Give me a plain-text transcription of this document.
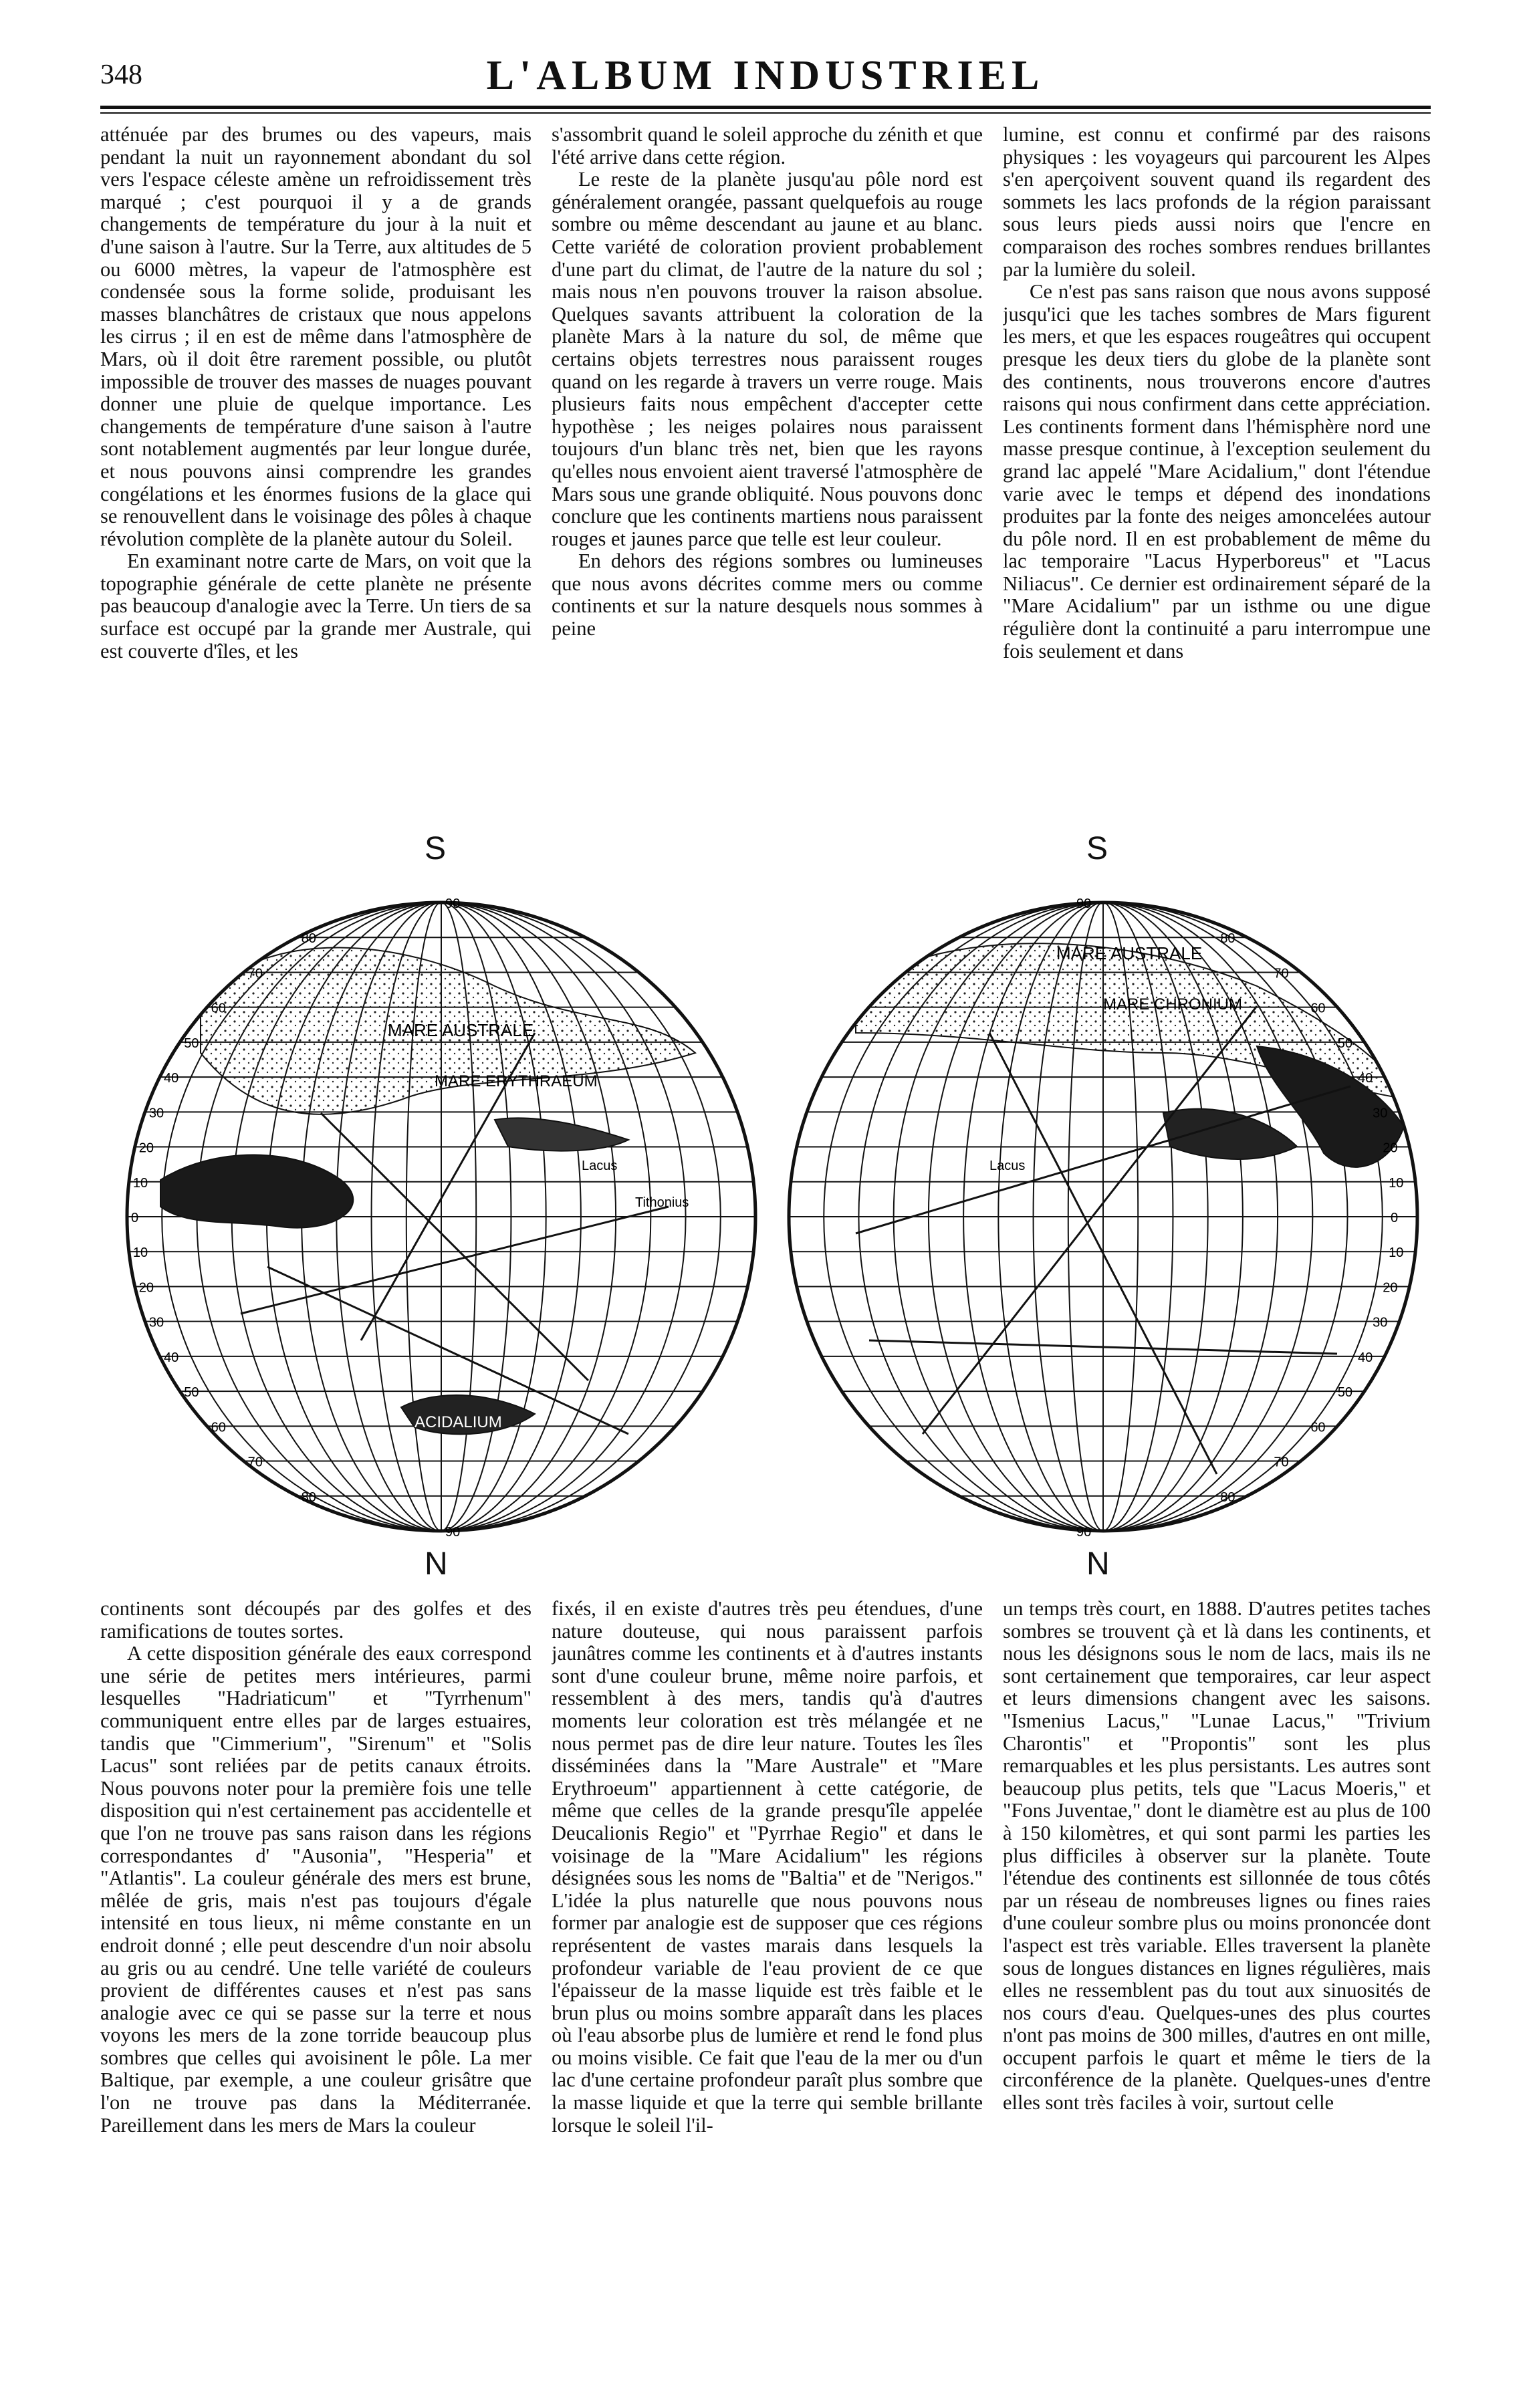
348	L'ALBUM INDUSTRIEL

atténuée par des brumes ou des vapeurs, mais pendant la nuit un rayonnement abondant du sol vers l'espace céleste amène un refroidissement très marqué ; c'est pourquoi il y a de grands changements de température du jour à la nuit et d'une saison à l'autre. Sur la Terre, aux altitudes de 5 ou 6000 mètres, la vapeur de l'atmosphère est condensée sous la forme solide, produisant les masses blanchâtres de cristaux que nous appelons les cirrus ; il en est de même dans l'atmosphère de Mars, où il doit être rarement possible, ou plutôt impossible de trouver des masses de nuages pouvant donner une pluie de quelque importance. Les changements de température d'une saison à l'autre sont notablement augmentés par leur longue durée, et nous pouvons ainsi comprendre les grandes congélations et les énormes fusions de la glace qui se renouvellent dans le voisinage des pôles à chaque révolution complète de la planète autour du Soleil.

En examinant notre carte de Mars, on voit que la topographie générale de cette planète ne présente pas beaucoup d'analogie avec la Terre. Un tiers de sa surface est occupé par la grande mer Australe, qui est couverte d'îles, et les

s'assombrit quand le soleil approche du zénith et que l'été arrive dans cette région.

Le reste de la planète jusqu'au pôle nord est généralement orangée, passant quelquefois au rouge sombre ou même descendant au jaune et au blanc. Cette variété de coloration provient probablement d'une part du climat, de l'autre de la nature du sol ; mais nous n'en pouvons trouver la raison absolue. Quelques savants attribuent la coloration de la planète Mars à la nature du sol, de même que certains objets terrestres nous paraissent rouges quand on les regarde à travers un verre rouge. Mais plusieurs faits nous empêchent d'accepter cette hypothèse ; les neiges polaires nous paraissent toujours d'un blanc très net, bien que les rayons qu'elles nous envoient aient traversé l'atmosphère de Mars sous une grande obliquité. Nous pouvons donc conclure que les continents martiens nous paraissent rouges et jaunes parce que telle est leur couleur.

En dehors des régions sombres ou lumineuses que nous avons décrites comme mers ou comme continents et sur la nature desquels nous sommes à peine

lumine, est connu et confirmé par des raisons physiques : les voyageurs qui parcourent les Alpes s'en aperçoivent souvent quand ils regardent des sommets les lacs profonds de la région paraissant sous leurs pieds aussi noirs que l'encre en comparaison des roches sombres rendues brillantes par la lumière du soleil.

Ce n'est pas sans raison que nous avons supposé jusqu'ici que les taches sombres de Mars figurent les mers, et que les espaces rougeâtres qui occupent presque les deux tiers du globe de la planète sont des continents, nous trouverons encore d'autres raisons qui nous confirment dans cette appréciation. Les continents forment dans l'hémisphère nord une masse presque continue, à l'exception seulement du grand lac appelé "Mare Acidalium," dont l'étendue varie avec le temps et dépend des inondations produites par la fonte des neiges amoncelées autour du pôle nord. Il en est probablement de même du lac temporaire "Lacus Hyperboreus" et "Lacus Niliacus". Ce dernier est ordinairement séparé de la "Mare Acidalium" par un isthme ou une digue régulière dont la continuité a paru interrompue une fois seulement et dans

S
N
MARE AUSTRALE
MARE ERYTHRAEUM
ACIDALIUM
Lacus
Tithonius
S
N
MARE AUSTRALE
MARE CHRONIUM
Lacus
90
80
70
60
50
40
30
20
10
0
10
20
30
40
50
60
70
80
90
90
80
70
60
50
40
30
20
10
0
10
20
30
40
50
60
70
80
90

continents sont découpés par des golfes et des ramifications de toutes sortes.

A cette disposition générale des eaux correspond une série de petites mers intérieures, parmi lesquelles "Hadriaticum" et "Tyrrhenum" communiquent entre elles par de larges estuaires, tandis que "Cimmerium", "Sirenum" et "Solis Lacus" sont reliées par de petits canaux étroits. Nous pouvons noter pour la première fois une telle disposition qui n'est certainement pas accidentelle et que l'on ne trouve pas sans raison dans les régions correspondantes d' "Ausonia", "Hesperia" et "Atlantis". La couleur générale des mers est brune, mêlée de gris, mais n'est pas toujours d'égale intensité en tous lieux, ni même constante en un endroit donné ; elle peut descendre d'un noir absolu au gris ou au cendré. Une telle variété de couleurs provient de différentes causes et n'est pas sans analogie avec ce qui se passe sur la terre et nous voyons les mers de la zone torride beaucoup plus sombres que celles qui avoisinent le pôle. La mer Baltique, par exemple, a une couleur grisâtre que l'on ne trouve pas dans la Méditerranée. Pareillement dans les mers de Mars la couleur

fixés, il en existe d'autres très peu étendues, d'une nature douteuse, qui nous paraissent parfois jaunâtres comme les continents et à d'autres instants sont d'une couleur brune, même noire parfois, et ressemblent à des mers, tandis qu'à d'autres moments leur coloration est très mélangée et ne nous permet pas de dire leur nature. Toutes les îles disséminées dans la "Mare Australe" et "Mare Erythroeum" appartiennent à cette catégorie, de même que celles de la grande presqu'île appelée Deucalionis Regio" et "Pyrrhae Regio" et dans le voisinage de la "Mare Acidalium" les régions désignées sous les noms de "Baltia" et de "Nerigos." L'idée la plus naturelle que nous pouvons nous former par analogie est de supposer que ces régions représentent de vastes marais dans lesquels la profondeur variable de l'eau provient de ce que l'épaisseur de la masse liquide est très faible et le brun plus ou moins sombre apparaît dans les places où l'eau absorbe plus de lumière et rend le fond plus ou moins visible. Ce fait que l'eau de la mer ou d'un lac d'une certaine profondeur paraît plus sombre que la masse liquide et que la terre qui semble brillante lorsque le soleil l'il-

un temps très court, en 1888. D'autres petites taches sombres se trouvent çà et là dans les continents, et nous les désignons sous le nom de lacs, mais ils ne sont certainement que temporaires, car leur aspect et leurs dimensions changent avec les saisons. "Ismenius Lacus," "Lunae Lacus," "Trivium Charontis" et "Propontis" sont les plus remarquables et les plus persistants. Les autres sont beaucoup plus petits, tels que "Lacus Moeris," et "Fons Juventae," dont le diamètre est au plus de 100 à 150 kilomètres, et qui sont parmi les parties les plus difficiles à observer sur la planète. Toute l'étendue des continents est sillonnée de tous côtés par un réseau de nombreuses lignes ou fines raies d'une couleur sombre plus ou moins prononcée dont l'aspect est très variable. Elles traversent la planète sous de longues distances en lignes régulières, mais elles ne ressemblent pas du tout aux sinuosités de nos cours d'eau. Quelques-unes des plus courtes n'ont pas moins de 300 milles, d'autres en ont mille, occupent parfois le quart et même le tiers de la circonférence de la planète. Quelques-unes d'entre elles sont très faciles à voir, surtout celle
